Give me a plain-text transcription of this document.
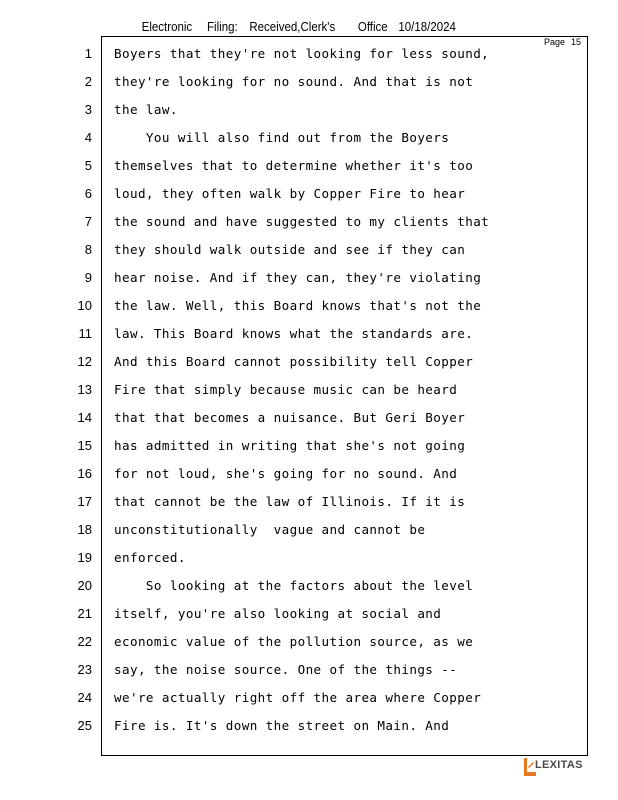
Electronic Filing: Received,Clerk's Office 10/18/2024
Page 15
1 Boyers that they're not looking for less sound,
2 they're looking for no sound. And that is not
3 the law.
4 You will also find out from the Boyers
5 themselves that to determine whether it's too
6 loud, they often walk by Copper Fire to hear
7 the sound and have suggested to my clients that
8 they should walk outside and see if they can
9 hear noise. And if they can, they're violating
10 the law. Well, this Board knows that's not the
11 law. This Board knows what the standards are.
12 And this Board cannot possibility tell Copper
13 Fire that simply because music can be heard
14 that that becomes a nuisance. But Geri Boyer
15 has admitted in writing that she's not going
16 for not loud, she's going for no sound. And
17 that cannot be the law of Illinois. If it is
18 unconstitutionally  vague and cannot be
19 enforced.
20 So looking at the factors about the level
21 itself, you're also looking at social and
22 economic value of the pollution source, as we
23 say, the noise source. One of the things --
24 we're actually right off the area where Copper
25 Fire is. It's down the street on Main. And
LEXITAS
